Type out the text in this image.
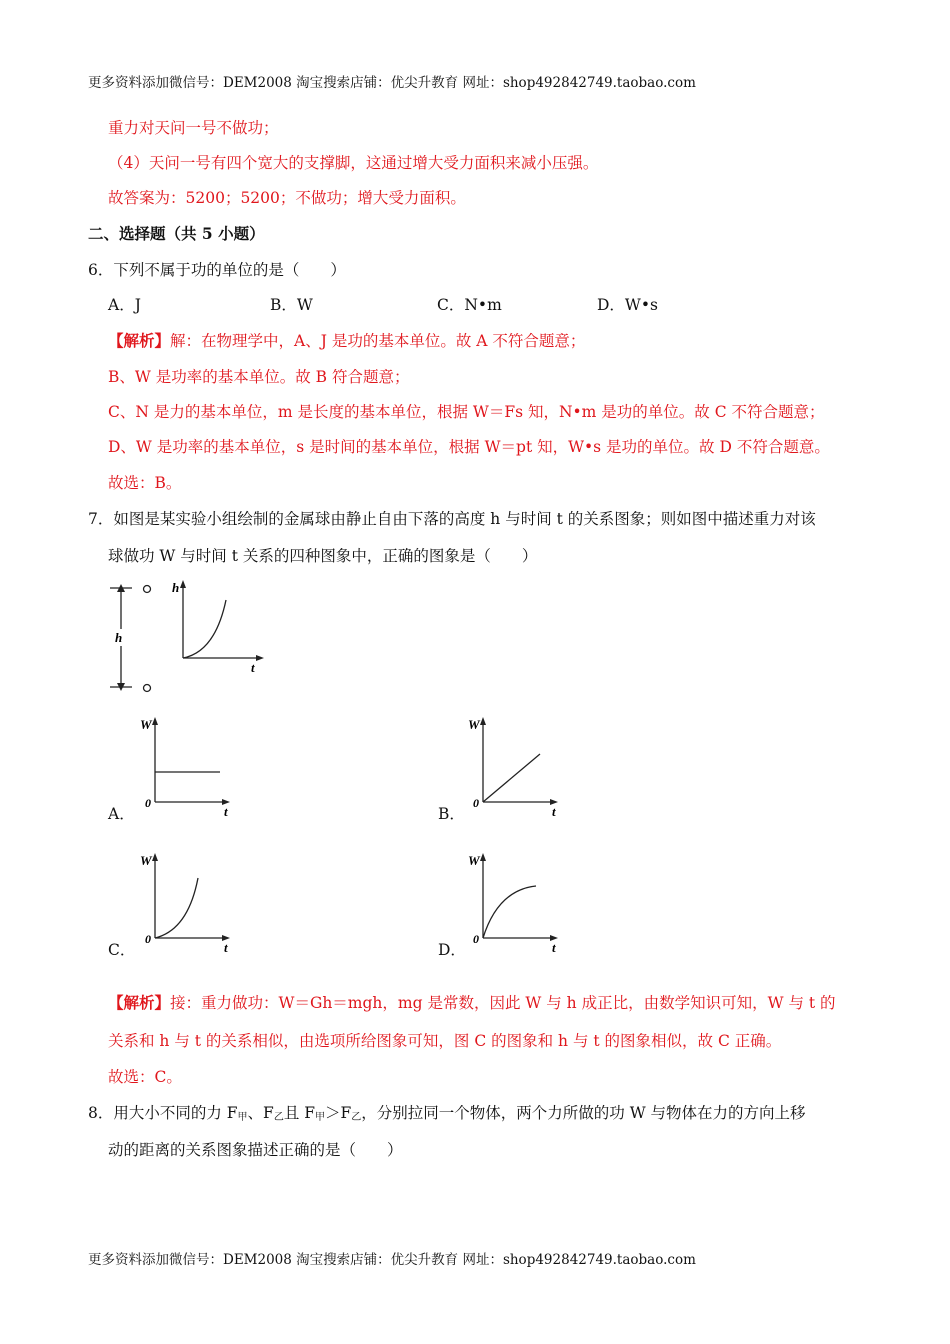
更多资料添加微信号：DEM2008 淘宝搜索店铺：优尖升教育 网址：shop492842749.taobao.com
重力对天问一号不做功；
（4）天问一号有四个宽大的支撑脚，这通过增大受力面积来减小压强。
故答案为：5200；5200；不做功；增大受力面积。
二、选择题（共 5 小题）
6．下列不属于功的单位的是（　　）
A．J	B．W	C．N•m	D．W•s
【解析】解：在物理学中，A、J 是功的基本单位。故 A 不符合题意；
B、W 是功率的基本单位。故 B 符合题意；
C、N 是力的基本单位，m 是长度的基本单位，根据 W＝Fs 知，N•m 是功的单位。故 C 不符合题意；
D、W 是功率的基本单位，s 是时间的基本单位，根据 W＝pt 知，W•s 是功的单位。故 D 不符合题意。
故选：B。
7．如图是某实验小组绘制的金属球由静止自由下落的高度 h 与时间 t 的关系图象；则如图中描述重力对该
球做功 W 与时间 t 关系的四种图象中，正确的图象是（　　）
h
h
t
A．
W
t
0
B．
W
t
0
C．
W
t
0
D．
W
t
0
【解析】接：重力做功：W＝Gh＝mgh，mg 是常数，因此 W 与 h 成正比，由数学知识可知，W 与 t 的
关系和 h 与 t 的关系相似，由选项所给图象可知，图 C 的图象和 h 与 t 的图象相似，故 C 正确。
故选：C。
8．用大小不同的力 $F_甲$、$F_乙$且 $F_甲>F_乙$，分别拉同一个物体，两个力所做的功 W 与物体在力的方向上移
动的距离的关系图象描述正确的是（　　）
更多资料添加微信号：DEM2008 淘宝搜索店铺：优尖升教育 网址：shop492842749.taobao.com
